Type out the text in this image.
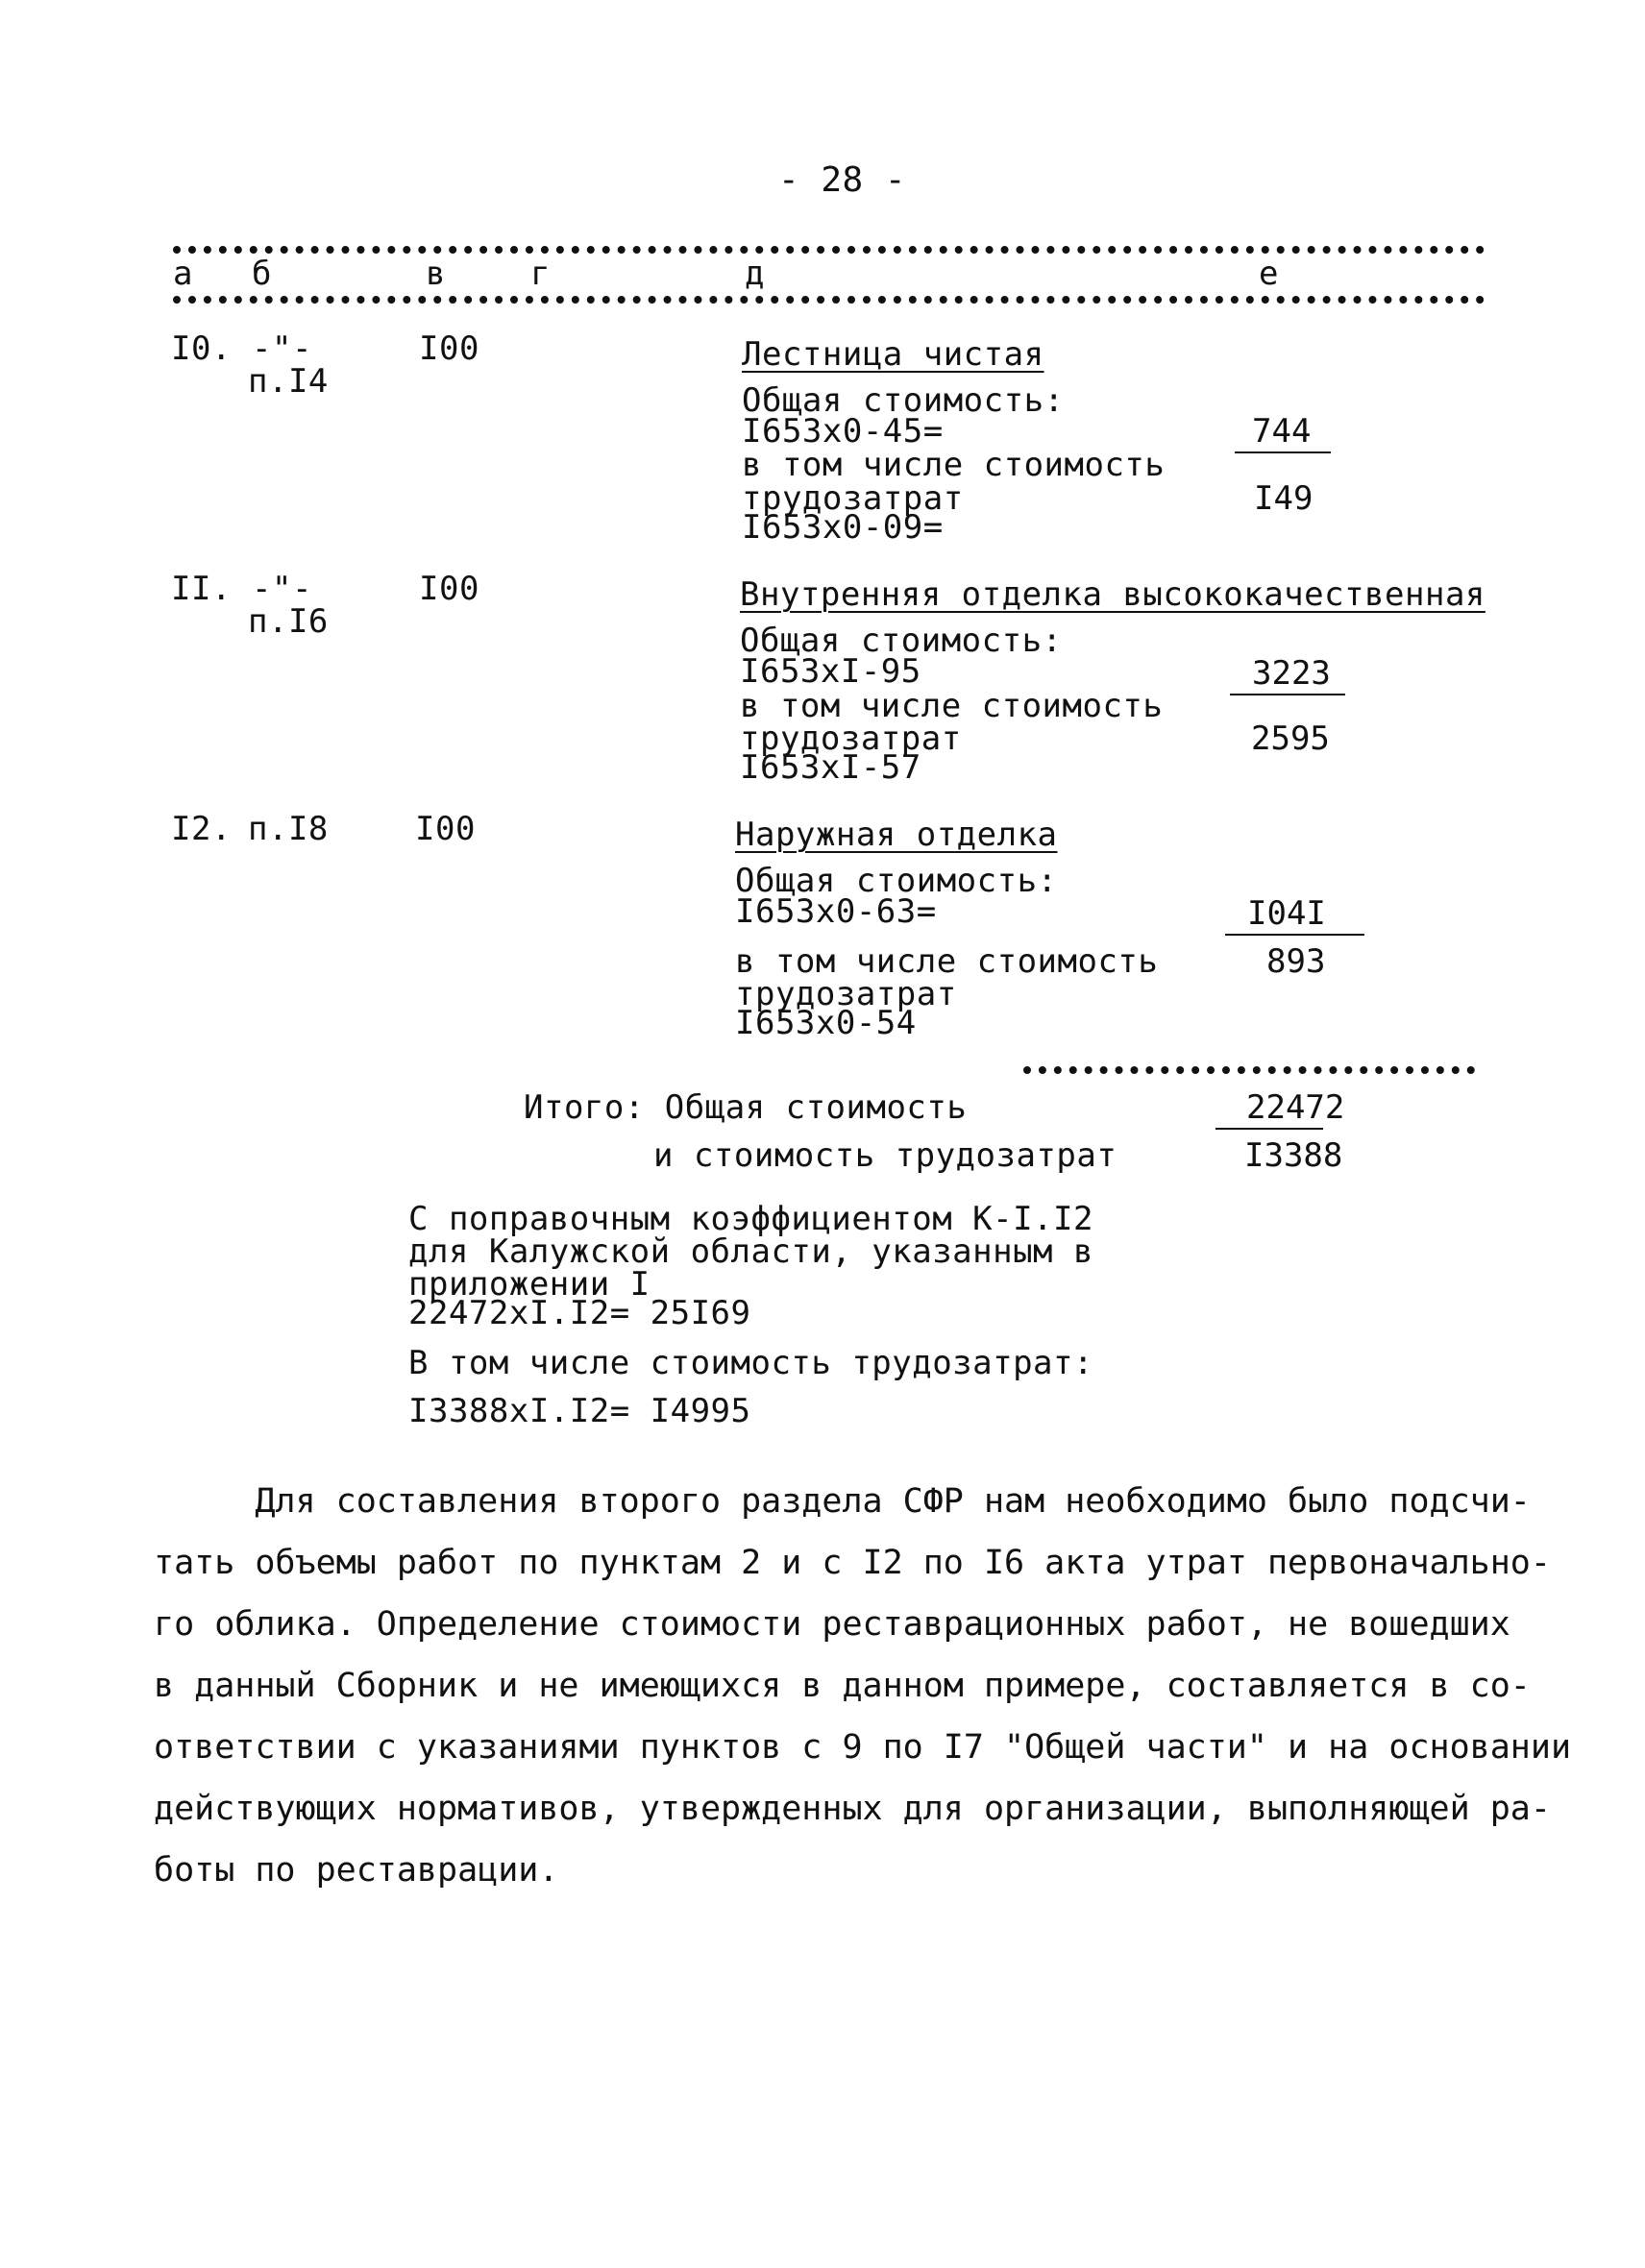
- 28 -
а б	в	г	д	е
I0. -"-
п.I4
I00	Лестница чистая
Общая стоимость:
I653x0-45=	744
в том числе стоимость
трудозатрат	I49
I653x0-09=
II. -"-
п.I6
I00	Внутренняя отделка высококачественная
Общая стоимость:
I653xI-95	3223
в том числе стоимость
трудозатрат	2595
I653xI-57
I2. п.I8	I00	Наружная отделка
Общая стоимость:
I653x0-63=	I04I
в том числе стоимость	893
трудозатрат
I653x0-54
Итого: Общая стоимость	22472
и стоимость трудозатрат	I3388
С поправочным коэффициентом К-I.I2
для Калужской области, указанным в
приложении I
22472xI.I2= 25I69
В том числе стоимость трудозатрат:
I3388xI.I2= I4995
Для составления второго раздела СФР нам необходимо было подсчи-
тать объемы работ по пунктам 2 и с I2 по I6 акта утрат первоначально-
го облика. Определение стоимости реставрационных работ, не вошедших
в данный Сборник и не имеющихся в данном примере, составляется в со-
ответствии с указаниями пунктов с 9 по I7 "Общей части" и на основании
действующих нормативов, утвержденных для организации, выполняющей ра-
боты по реставрации.
